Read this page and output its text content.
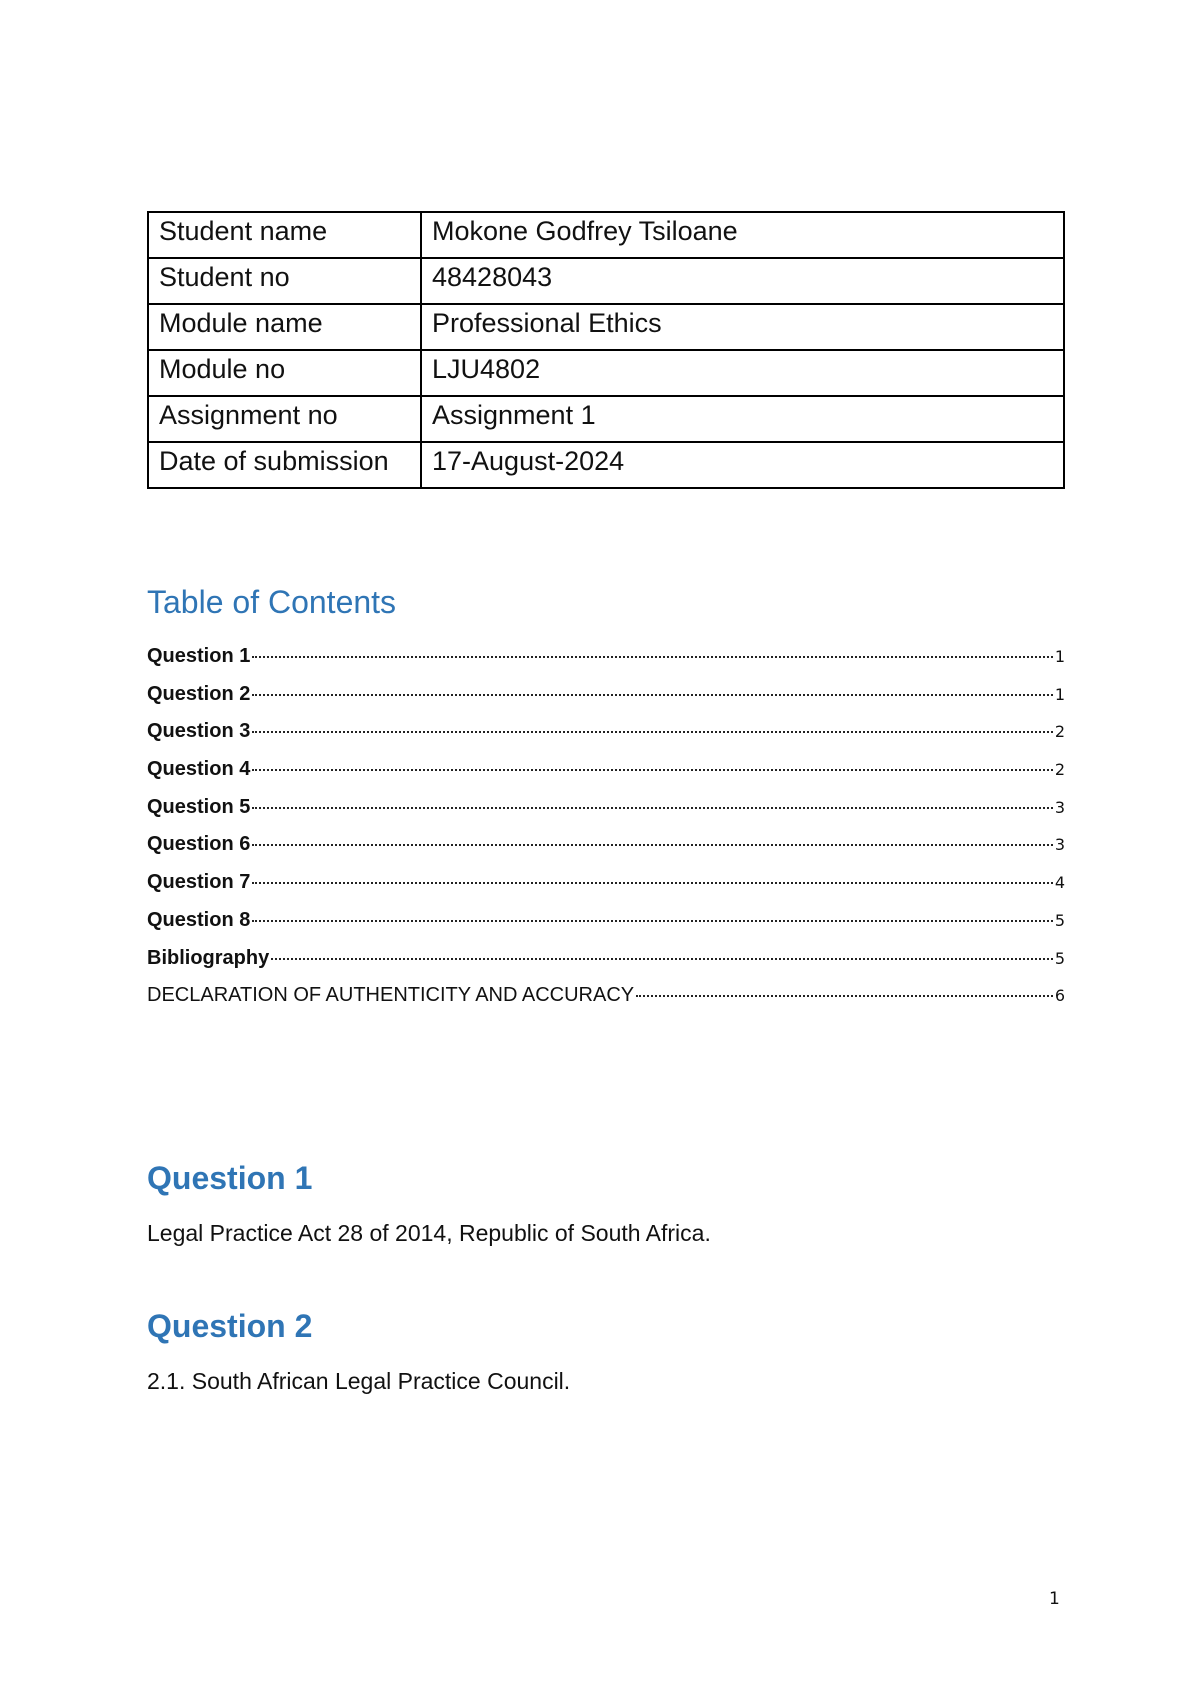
Student name	Mokone Godfrey Tsiloane
Student no	48428043
Module name	Professional Ethics
Module no	LJU4802
Assignment no	Assignment 1
Date of submission	17-August-2024
Table of Contents
Question 1	1
Question 2	1
Question 3	2
Question 4	2
Question 5	3
Question 6	3
Question 7	4
Question 8	5
Bibliography	5
DECLARATION OF AUTHENTICITY AND ACCURACY	6
Question 1

Legal Practice Act 28 of 2014, Republic of South Africa.

Question 2

2.1. South African Legal Practice Council.

1
